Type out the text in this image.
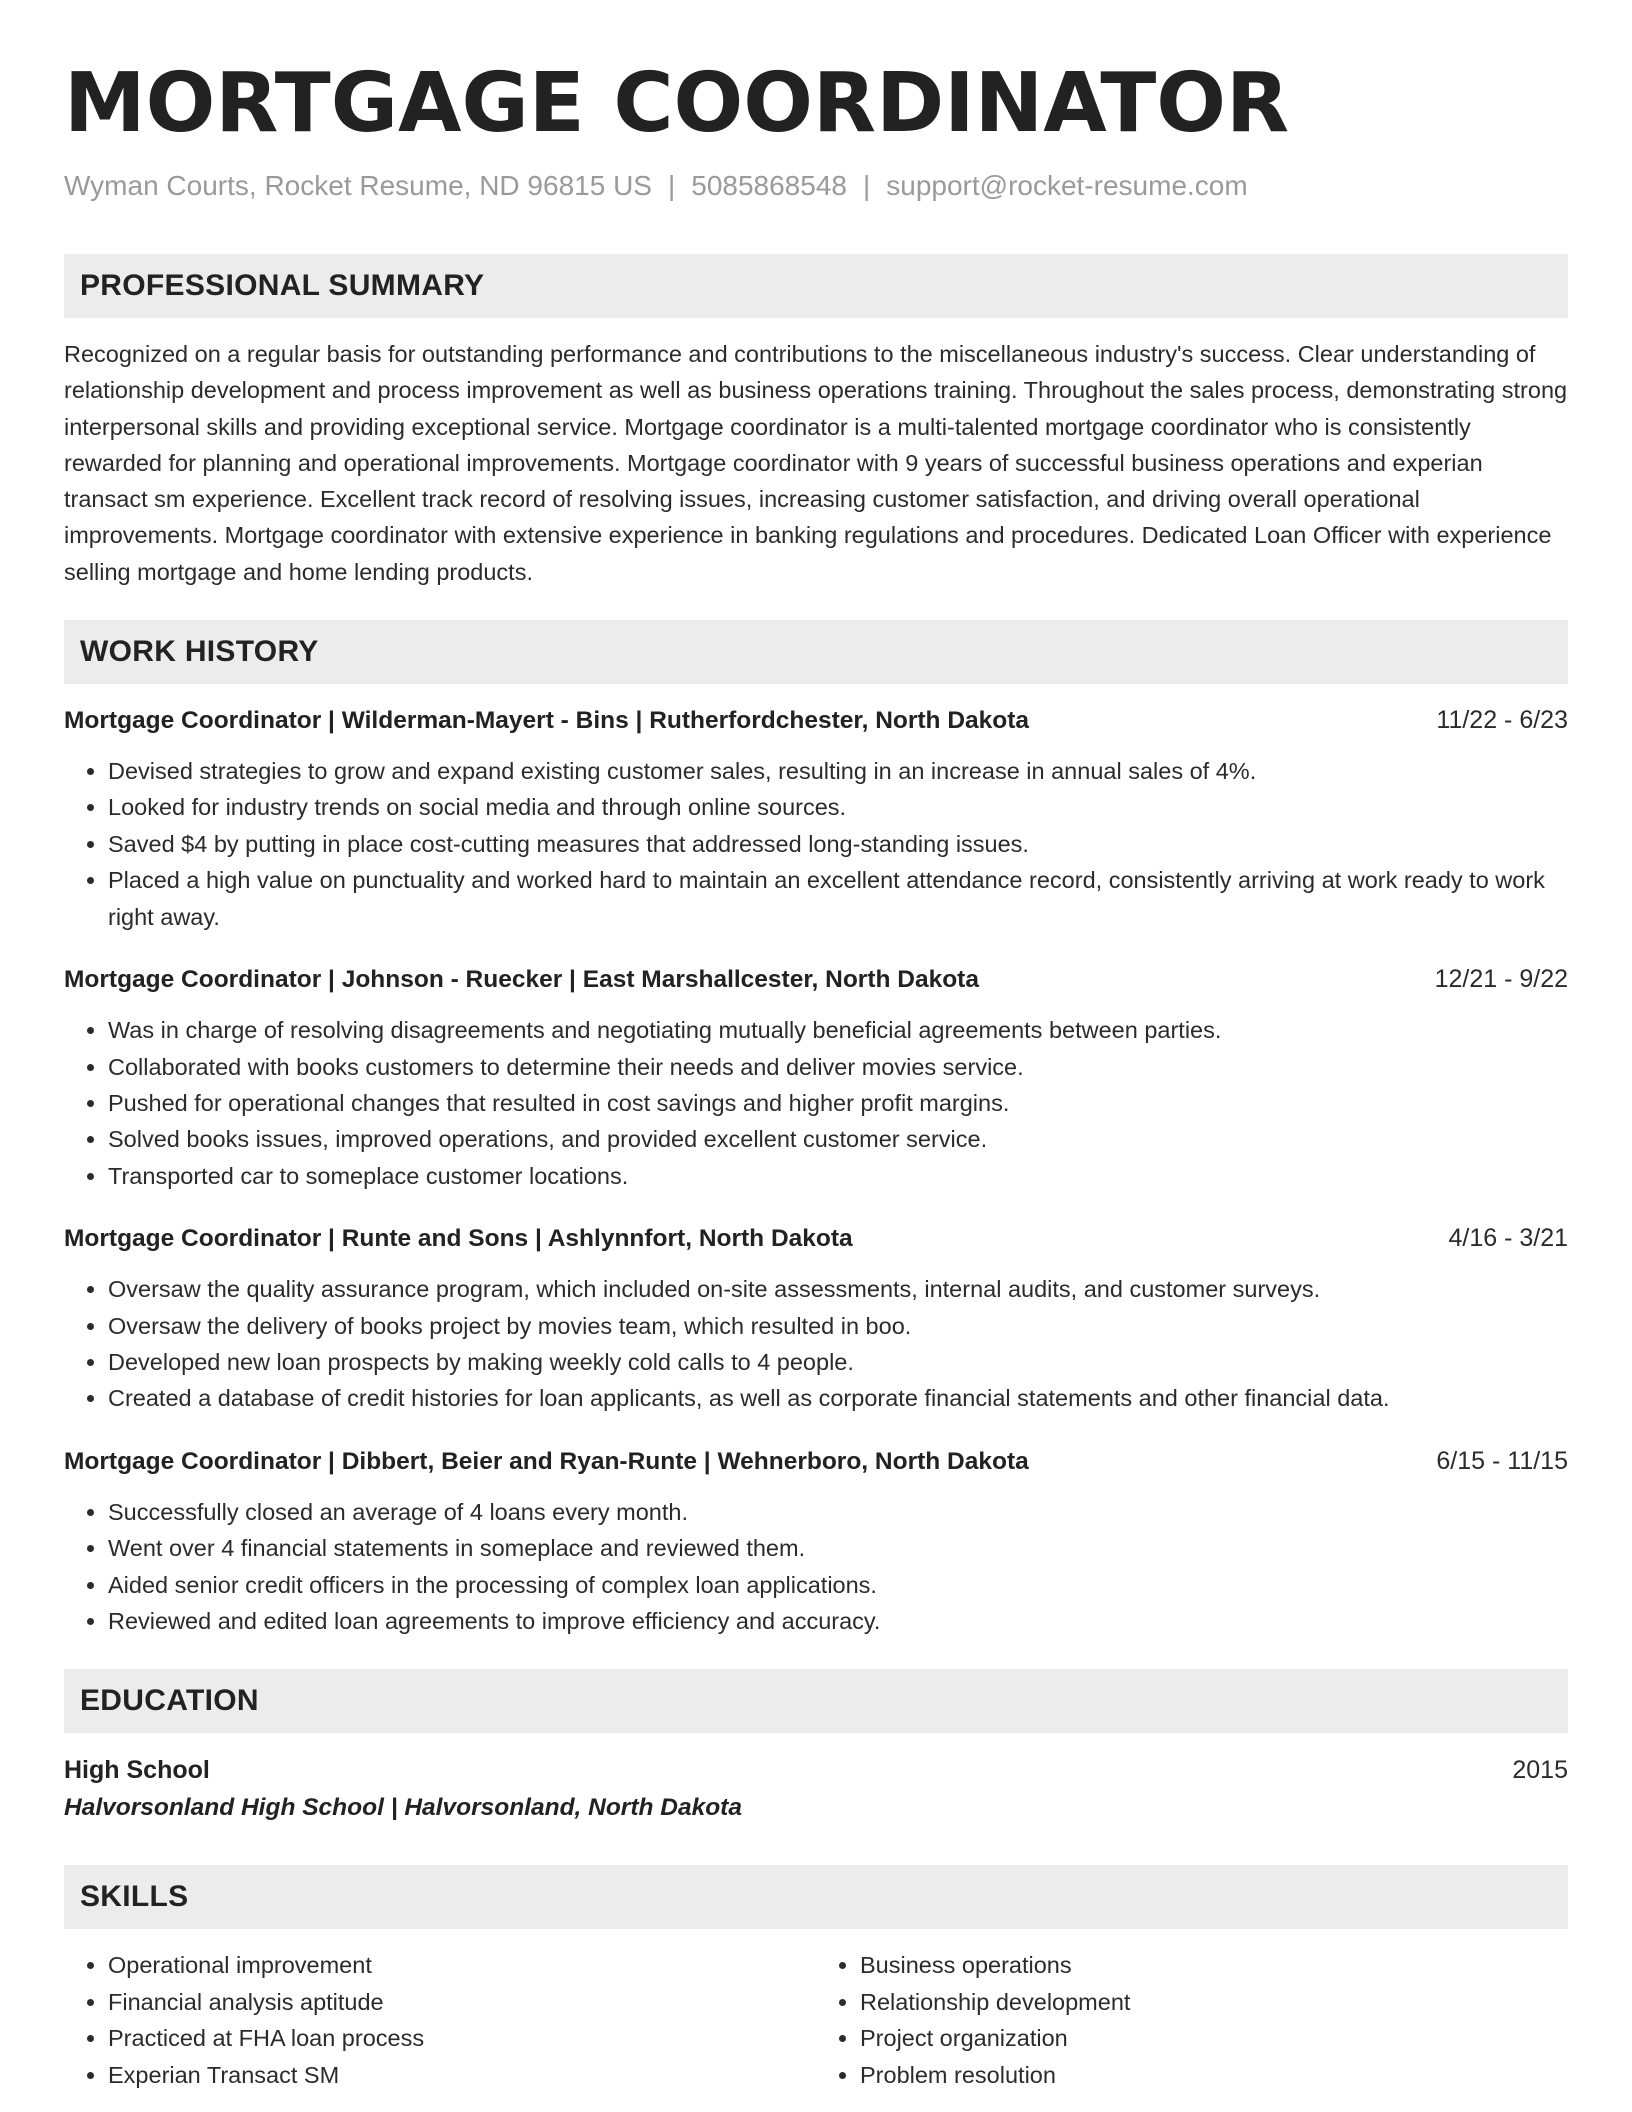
MORTGAGE COORDINATOR
Wyman Courts, Rocket Resume, ND 96815 US | 5085868548 | support@rocket-resume.com
PROFESSIONAL SUMMARY

Recognized on a regular basis for outstanding performance and contributions to the miscellaneous industry's success. Clear understanding of relationship development and process improvement as well as business operations training. Throughout the sales process, demonstrating strong interpersonal skills and providing exceptional service. Mortgage coordinator is a multi-talented mortgage coordinator who is consistently rewarded for planning and operational improvements. Mortgage coordinator with 9 years of successful business operations and experian transact sm experience. Excellent track record of resolving issues, increasing customer satisfaction, and driving overall operational improvements. Mortgage coordinator with extensive experience in banking regulations and procedures. Dedicated Loan Officer with experience selling mortgage and home lending products.

WORK HISTORY
Mortgage Coordinator | Wilderman-Mayert - Bins | Rutherfordchester, North Dakota	11/22 - 6/23
• Devised strategies to grow and expand existing customer sales, resulting in an increase in annual sales of 4%.
• Looked for industry trends on social media and through online sources.
• Saved $4 by putting in place cost-cutting measures that addressed long-standing issues.
• Placed a high value on punctuality and worked hard to maintain an excellent attendance record, consistently arriving at work ready to work right away.
Mortgage Coordinator | Johnson - Ruecker | East Marshallcester, North Dakota	12/21 - 9/22
• Was in charge of resolving disagreements and negotiating mutually beneficial agreements between parties.
• Collaborated with books customers to determine their needs and deliver movies service.
• Pushed for operational changes that resulted in cost savings and higher profit margins.
• Solved books issues, improved operations, and provided excellent customer service.
• Transported car to someplace customer locations.
Mortgage Coordinator | Runte and Sons | Ashlynnfort, North Dakota	4/16 - 3/21
• Oversaw the quality assurance program, which included on-site assessments, internal audits, and customer surveys.
• Oversaw the delivery of books project by movies team, which resulted in boo.
• Developed new loan prospects by making weekly cold calls to 4 people.
• Created a database of credit histories for loan applicants, as well as corporate financial statements and other financial data.
Mortgage Coordinator | Dibbert, Beier and Ryan-Runte | Wehnerboro, North Dakota	6/15 - 11/15
• Successfully closed an average of 4 loans every month.
• Went over 4 financial statements in someplace and reviewed them.
• Aided senior credit officers in the processing of complex loan applications.
• Reviewed and edited loan agreements to improve efficiency and accuracy.
EDUCATION
High School	2015
Halvorsonland High School | Halvorsonland, North Dakota
SKILLS
• Operational improvement
• Financial analysis aptitude
• Practiced at FHA loan process
• Experian Transact SM
• Business operations
• Relationship development
• Project organization
• Problem resolution
